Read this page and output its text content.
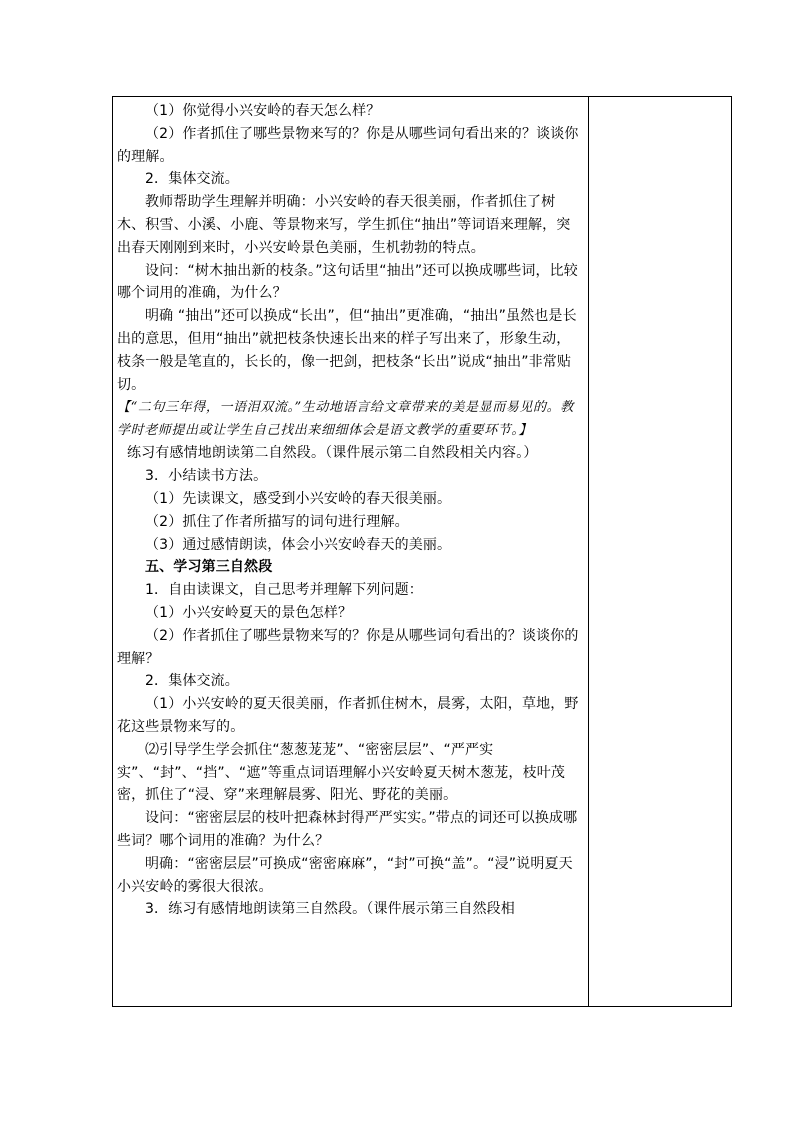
（1）你觉得小兴安岭的春天怎么样？

（2）作者抓住了哪些景物来写的？你是从哪些词句看出来的？谈谈你的理解。

2．集体交流。

教师帮助学生理解并明确：小兴安岭的春天很美丽，作者抓住了树木、积雪、小溪、小鹿、等景物来写，学生抓住“抽出”等词语来理解，突出春天刚刚到来时，小兴安岭景色美丽，生机勃勃的特点。

设问：“树木抽出新的枝条。”这句话里“抽出”还可以换成哪些词，比较哪个词用的准确，为什么？

明确 “抽出”还可以换成“长出”，但“抽出”更准确，“抽出”虽然也是长出的意思，但用“抽出”就把枝条快速长出来的样子写出来了，形象生动，枝条一般是笔直的，长长的，像一把剑，把枝条“长出”说成“抽出”非常贴切。

【“二句三年得，一语泪双流。”生动地语言给文章带来的美是显而易见的。教学时老师提出或让学生自己找出来细细体会是语文教学的重要环节。】

练习有感情地朗读第二自然段。（课件展示第二自然段相关内容。）

3．小结读书方法。

（1）先读课文，感受到小兴安岭的春天很美丽。

（2）抓住了作者所描写的词句进行理解。

（3）通过感情朗读，体会小兴安岭春天的美丽。

五、学习第三自然段

1．自由读课文，自己思考并理解下列问题：

（1）小兴安岭夏天的景色怎样？

（2）作者抓住了哪些景物来写的？你是从哪些词句看出的？谈谈你的理解？

2．集体交流。

（1）小兴安岭的夏天很美丽，作者抓住树木，晨雾，太阳，草地，野花这些景物来写的。

⑵引导学生学会抓住“葱葱茏茏”、“密密层层”、“严严实实”、“封”、“挡”、“遮”等重点词语理解小兴安岭夏天树木葱茏，枝叶茂密，抓住了“浸、穿”来理解晨雾、阳光、野花的美丽。

设问：“密密层层的枝叶把森林封得严严实实。”带点的词还可以换成哪些词？哪个词用的准确？为什么？

明确：“密密层层”可换成“密密麻麻”，“封”可换“盖”。“浸”说明夏天小兴安岭的雾很大很浓。

3．练习有感情地朗读第三自然段。（课件展示第三自然段相
